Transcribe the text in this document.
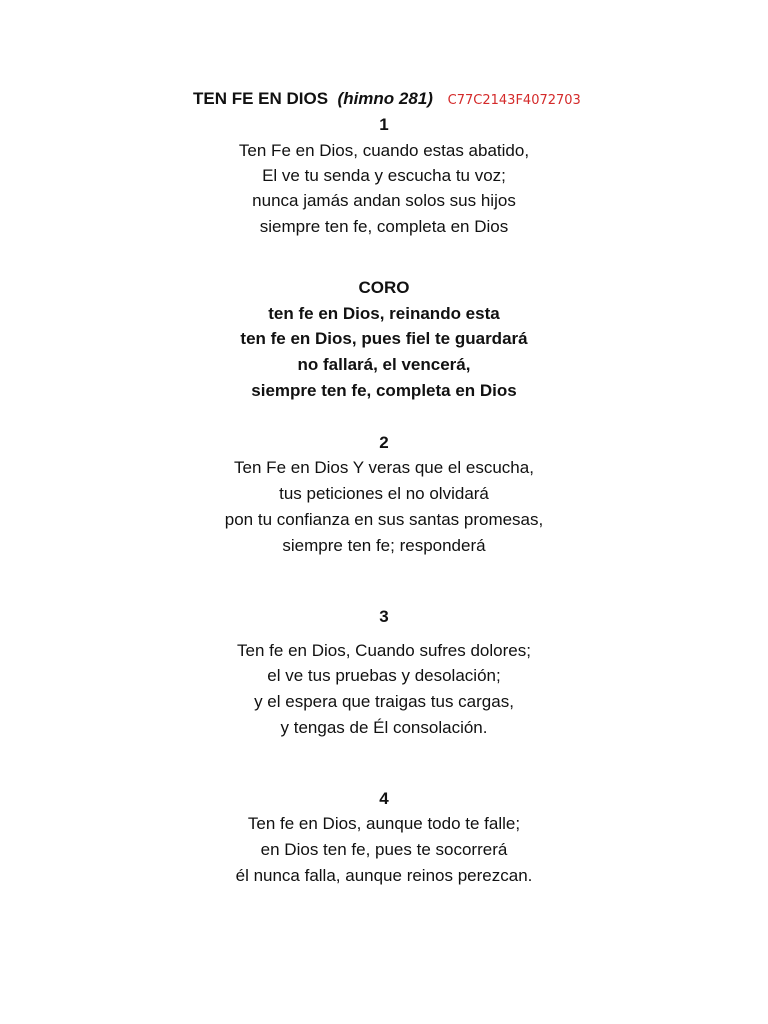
TEN FE EN DIOS (himno 281) C77C2143F4072703
1
Ten Fe en Dios, cuando estas abatido,
El ve tu senda y escucha tu voz;
nunca jamás andan solos sus hijos
siempre ten fe, completa en Dios
CORO
ten fe en Dios, reinando esta
ten fe en Dios, pues fiel te guardará
no fallará, el vencerá,
siempre ten fe, completa en Dios
2
Ten Fe en Dios Y veras que el escucha,
tus peticiones el no olvidará
pon tu confianza en sus santas promesas,
siempre ten fe; responderá
3
Ten fe en Dios, Cuando sufres dolores;
el ve tus pruebas y desolación;
y el espera que traigas tus cargas,
y tengas de Él consolación.
4
Ten fe en Dios, aunque todo te falle;
en Dios ten fe, pues te socorrerá
él nunca falla, aunque reinos perezcan.
